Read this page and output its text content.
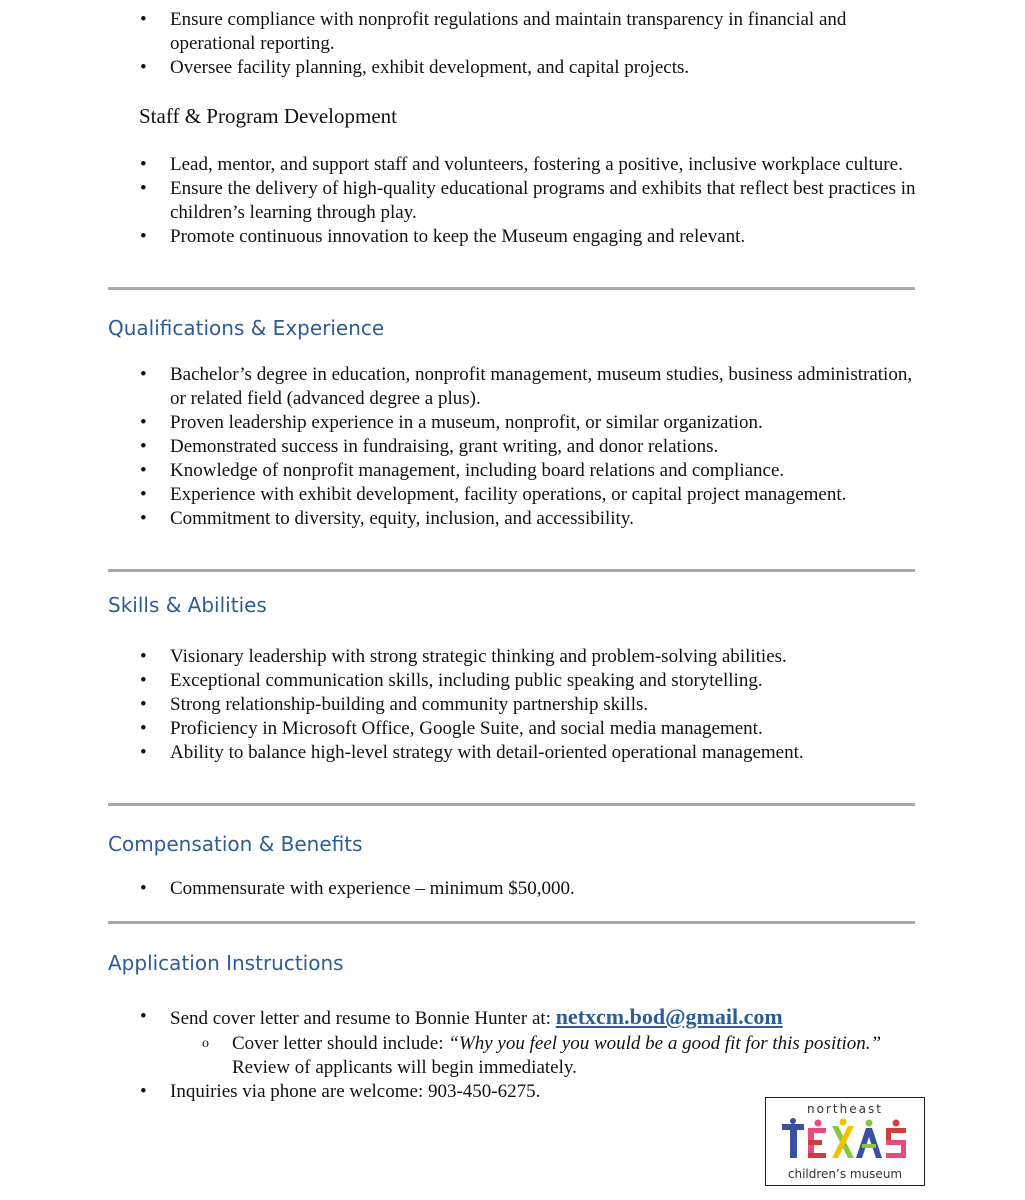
• Ensure compliance with nonprofit regulations and maintain transparency in financial and operational reporting.
• Oversee facility planning, exhibit development, and capital projects.
Staff & Program Development
• Lead, mentor, and support staff and volunteers, fostering a positive, inclusive workplace culture.
• Ensure the delivery of high-quality educational programs and exhibits that reflect best practices in children’s learning through play.
• Promote continuous innovation to keep the Museum engaging and relevant.
Qualifications & Experience
• Bachelor’s degree in education, nonprofit management, museum studies, business administration, or related field (advanced degree a plus).
• Proven leadership experience in a museum, nonprofit, or similar organization.
• Demonstrated success in fundraising, grant writing, and donor relations.
• Knowledge of nonprofit management, including board relations and compliance.
• Experience with exhibit development, facility operations, or capital project management.
• Commitment to diversity, equity, inclusion, and accessibility.
Skills & Abilities
• Visionary leadership with strong strategic thinking and problem-solving abilities.
• Exceptional communication skills, including public speaking and storytelling.
• Strong relationship-building and community partnership skills.
• Proficiency in Microsoft Office, Google Suite, and social media management.
• Ability to balance high-level strategy with detail-oriented operational management.
Compensation & Benefits
• Commensurate with experience – minimum $50,000.
Application Instructions
• Send cover letter and resume to Bonnie Hunter at: netxcm.bod@gmail.com
o Cover letter should include: “Why you feel you would be a good fit for this position.” Review of applicants will begin immediately.
• Inquiries via phone are welcome: 903-450-6275.
northeast
children’s museum
